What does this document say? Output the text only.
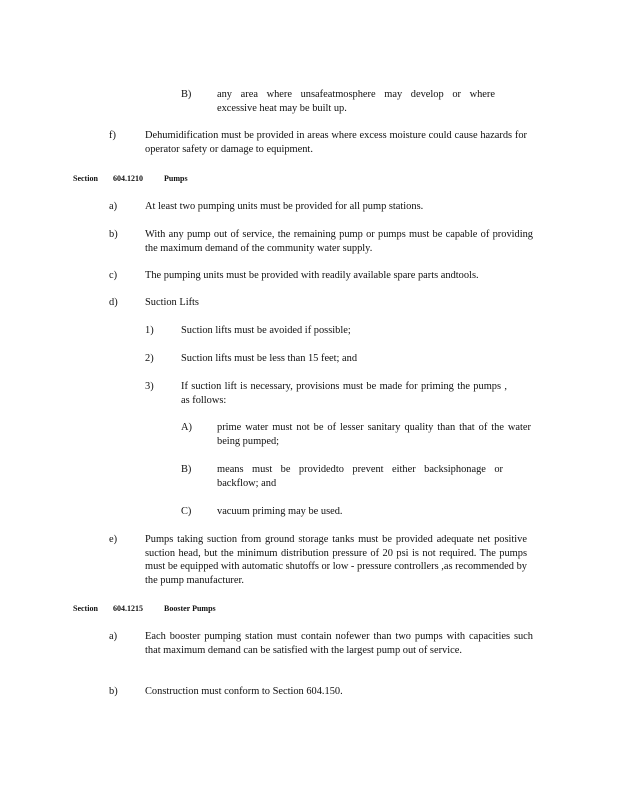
B) any area where unsafeatmosphere may develop or where excessive heat may be built up.
f)	Dehumidification must be provided in areas where excess moisture could cause hazards for operator safety or damage to equipment.
Section 604.1210	Pumps
a)	At least two pumping units must be provided for all pump stations.
b)	With any pump out of service, the remaining pump or pumps must be capable of providing the maximum demand of the community water supply.
c)	The pumping units must be provided with readily available spare parts andtools.
d)	Suction Lifts
1)	Suction lifts must be avoided if possible;
2)	Suction lifts must be less than 15 feet; and
3)	If suction lift is necessary, provisions must be made for priming the pumps , as follows:
A) prime water must not be of lesser sanitary quality than that of the water being pumped;
B) means must be providedto prevent either backsiphonage or backflow; and
C) vacuum priming may be used.
e)	Pumps taking suction from ground storage tanks must be provided adequate net positive suction head, but the minimum distribution pressure of 20 psi is not required. The pumps must be equipped with automatic shutoffs or low - pressure controllers ,as recommended by the pump manufacturer.
Section 604.1215	Booster Pumps
a)	Each booster pumping station must contain nofewer than two pumps with capacities such that maximum demand can be satisfied with the largest pump out of service.
b)	Construction must conform to Section 604.150.
